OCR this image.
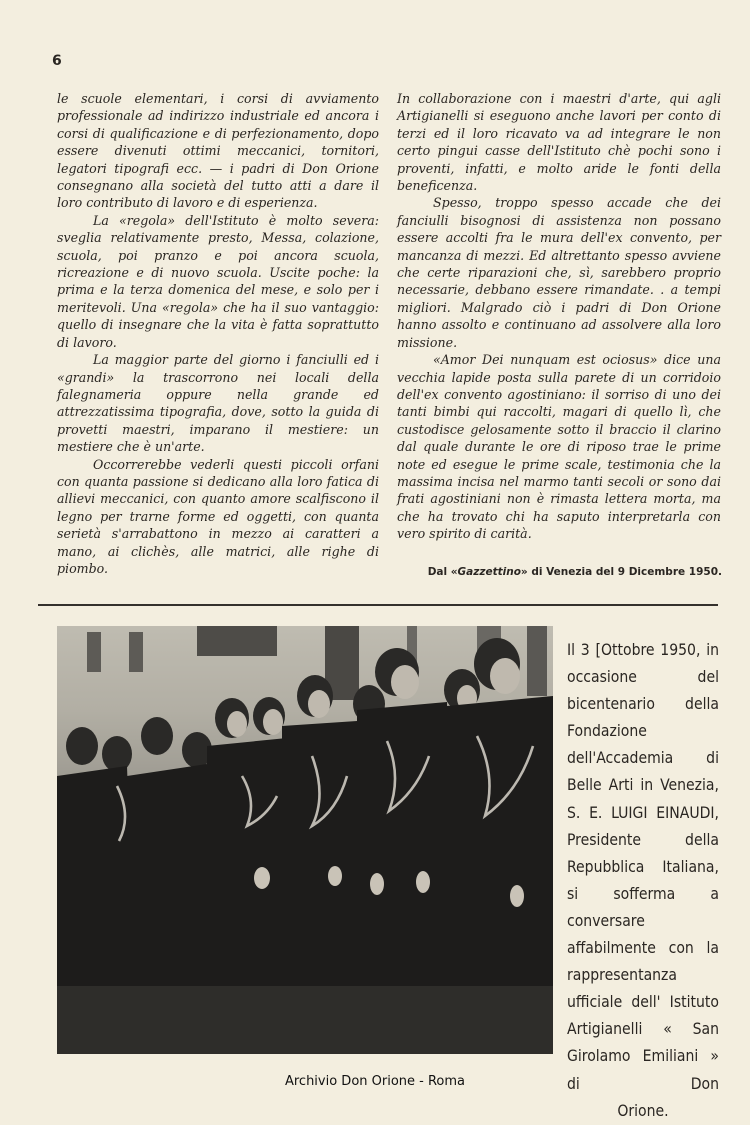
6

le scuole elementari, i corsi di avviamento professionale ad indirizzo industriale ed ancora i corsi di qualificazione e di perfezionamento, dopo essere divenuti ottimi meccanici, tornitori, legatori tipografi ecc. — i padri di Don Orione consegnano alla società del tutto atti a dare il loro contributo di lavoro e di esperienza.

La «regola» dell'Istituto è molto severa: sveglia relativamente presto, Messa, colazione, scuola, poi pranzo e poi ancora scuola, ricreazione e di nuovo scuola. Uscite poche: la prima e la terza domenica del mese, e solo per i meritevoli. Una «regola» che ha il suo vantaggio: quello di insegnare che la vita è fatta soprattutto di lavoro.

La maggior parte del giorno i fanciulli ed i «grandi» la trascorrono nei locali della falegnameria oppure nella grande ed attrezzatissima tipografia, dove, sotto la guida di provetti maestri, imparano il mestiere: un mestiere che è un'arte.

Occorrerebbe vederli questi piccoli orfani con quanta passione si dedicano alla loro fatica di allievi meccanici, con quanto amore scalfiscono il legno per trarne forme ed oggetti, con quanta serietà s'arrabattono in mezzo ai caratteri a mano, ai clichès, alle matrici, alle righe di piombo.

In collaborazione con i maestri d'arte, qui agli Artigianelli si eseguono anche lavori per conto di terzi ed il loro ricavato va ad integrare le non certo pingui casse dell'Istituto chè pochi sono i proventi, infatti, e molto aride le fonti della beneficenza.

Spesso, troppo spesso accade che dei fanciulli bisognosi di assistenza non possano essere accolti fra le mura dell'ex convento, per mancanza di mezzi. Ed altrettanto spesso avviene che certe riparazioni che, sì, sarebbero proprio necessarie, debbano essere rimandate. . a tempi migliori. Malgrado ciò i padri di Don Orione hanno assolto e continuano ad assolvere alla loro missione.

«Amor Dei nunquam est ociosus» dice una vecchia lapide posta sulla parete di un corridoio dell'ex convento agostiniano: il sorriso di uno dei tanti bimbi qui raccolti, magari di quello lì, che custodisce gelosamente sotto il braccio il clarino dal quale durante le ore di riposo trae le prime note ed esegue le prime scale, testimonia che la massima incisa nel marmo tanti secoli or sono dai frati agostiniani non è rimasta lettera morta, ma che ha trovato chi ha saputo interpretarla con vero spirito di carità.

Dal «Gazzettino» di Venezia del 9 Dicembre 1950.
Il 3 [Ottobre 1950, in occasione del bicentenario della Fondazione dell'Accademia di Belle Arti in Venezia, S. E. LUIGI EINAUDI, Presidente della Repubblica Italiana, si sofferma a conversare affabilmente con la rappresentanza ufficiale dell' Istituto Artigianelli « San Girolamo Emiliani » di Don
Orione.
Archivio Don Orione - Roma
